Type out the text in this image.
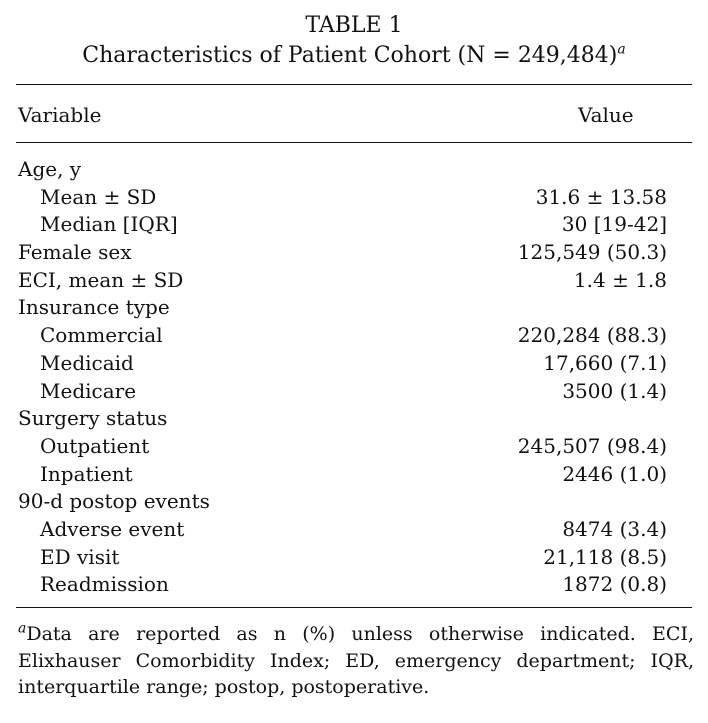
TABLE 1
Characteristics of Patient Cohort (N = 249,484)$^a$
Variable	Value
Age, y
Mean ± SD	31.6 ± 13.58
Median [IQR]	30 [19-42]
Female sex	125,549 (50.3)
ECI, mean ± SD	1.4 ± 1.8
Insurance type
Commercial	220,284 (88.3)
Medicaid	17,660 (7.1)
Medicare	3500 (1.4)
Surgery status
Outpatient	245,507 (98.4)
Inpatient	2446 (1.0)
90-d postop events
Adverse event	8474 (3.4)
ED visit	21,118 (8.5)
Readmission	1872 (0.8)
$^a$Data are reported as n (%) unless otherwise indicated. ECI, Elixhauser Comorbidity Index; ED, emergency department; IQR, interquartile range; postop, postoperative.
